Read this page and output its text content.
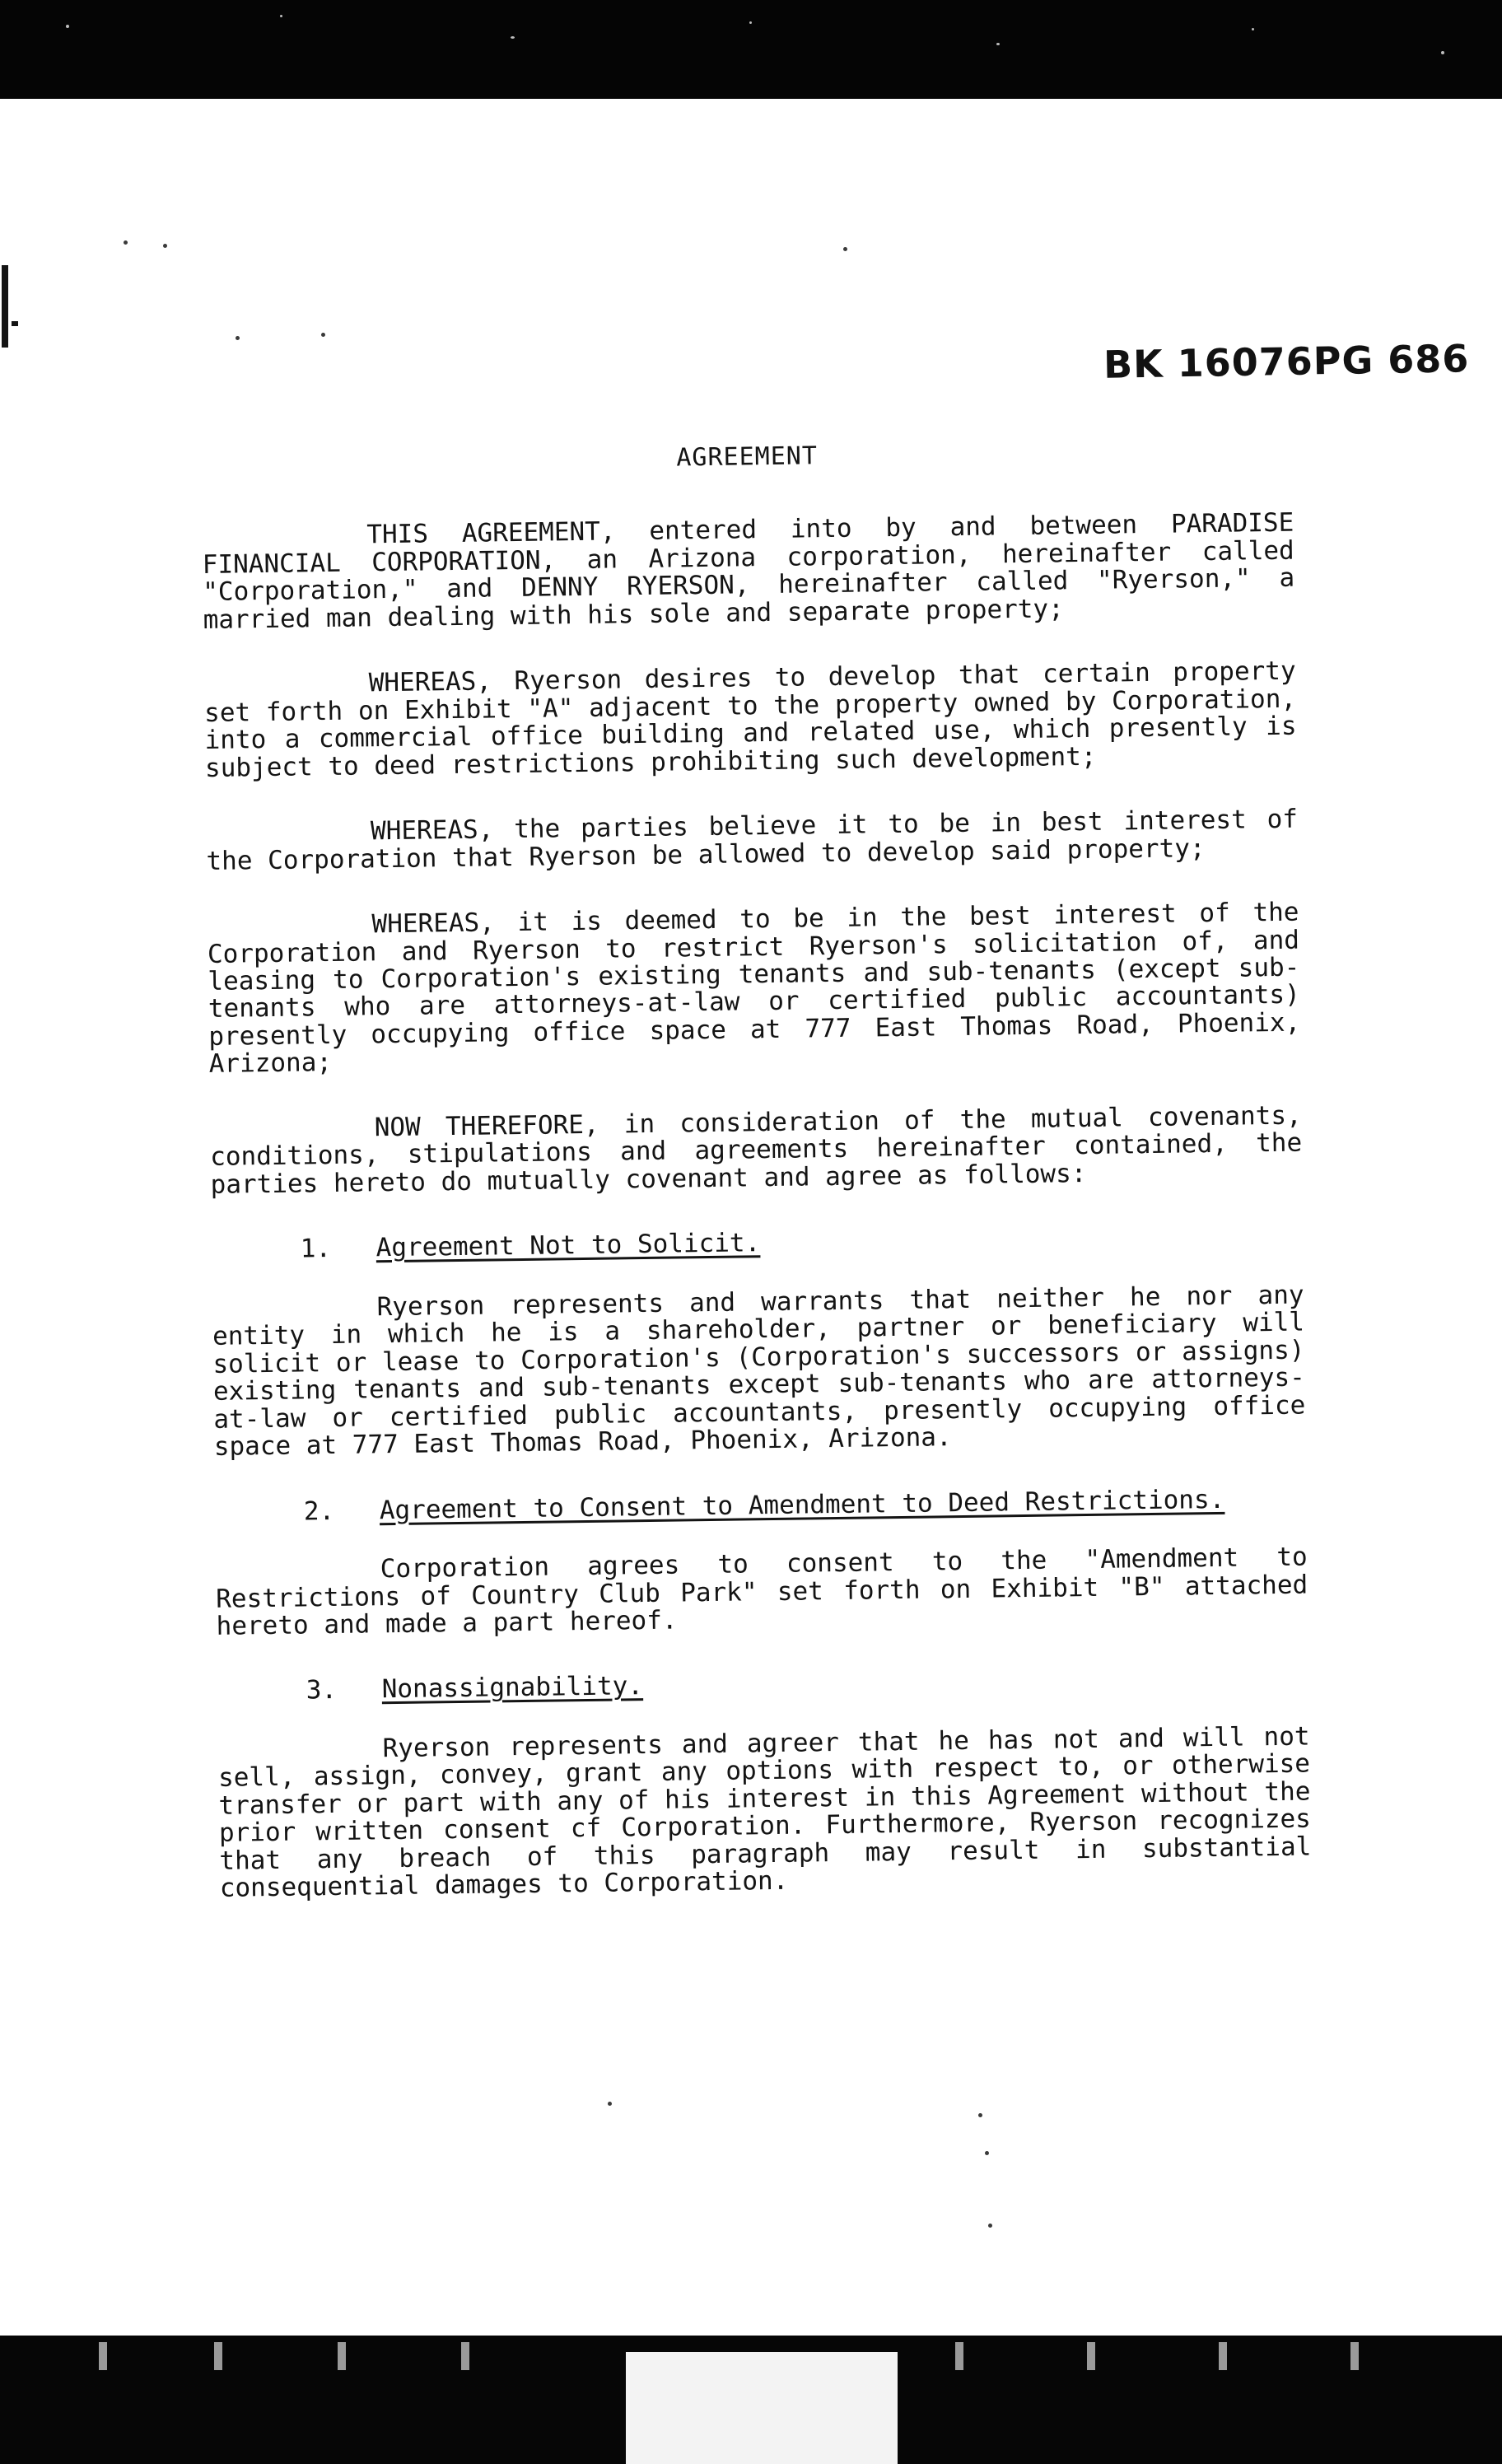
BK 16076PG 686
AGREEMENT

THIS AGREEMENT, entered into by and between PARADISE FINANCIAL CORPORATION, an Arizona corporation, hereinafter called "Corporation," and DENNY RYERSON, hereinafter called "Ryerson," a married man dealing with his sole and separate property;

WHEREAS, Ryerson desires to develop that certain property set forth on Exhibit "A" adjacent to the property owned by Corporation, into a commercial office building and related use, which presently is subject to deed restrictions prohibiting such development;

WHEREAS, the parties believe it to be in best interest of the Corporation that Ryerson be allowed to develop said property;

WHEREAS, it is deemed to be in the best interest of the Corporation and Ryerson to restrict Ryerson's solicitation of, and leasing to Corporation's existing tenants and sub-tenants (except sub-tenants who are attorneys-at-law or certified public accountants) presently occupying office space at 777 East Thomas Road, Phoenix, Arizona;

NOW THEREFORE, in consideration of the mutual covenants, conditions, stipulations and agreements hereinafter contained, the parties hereto do mutually covenant and agree as follows:

1. Agreement Not to Solicit.

Ryerson represents and warrants that neither he nor any entity in which he is a shareholder, partner or beneficiary will solicit or lease to Corporation's (Corporation's successors or assigns) existing tenants and sub-tenants except sub-tenants who are attorneys-at-law or certified public accountants, presently occupying office space at 777 East Thomas Road, Phoenix, Arizona.

2. Agreement to Consent to Amendment to Deed Restrictions.

Corporation agrees to consent to the "Amendment to Restrictions of Country Club Park" set forth on Exhibit "B" attached hereto and made a part hereof.

3. Nonassignability.

Ryerson represents and agreer that he has not and will not sell, assign, convey, grant any options with respect to, or otherwise transfer or part with any of his interest in this Agreement without the prior written consent cf Corporation. Furthermore, Ryerson recognizes that any breach of this paragraph may result in substantial consequential damages to Corporation.
